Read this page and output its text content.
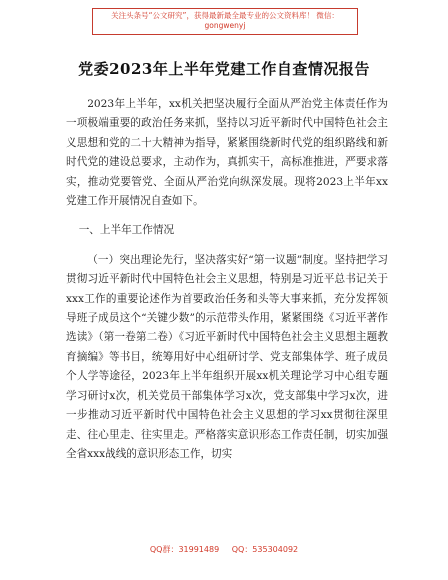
关注头条号“公文研究”，获得最新最全最专业的公文资料库！ 微信：gongwenyj
党委2023年上半年党建工作自查情况报告

2023年上半年，xx机关把坚决履行全面从严治党主体责任作为一项极端重要的政治任务来抓，坚持以习近平新时代中国特色社会主义思想和党的二十大精神为指导，紧紧围绕新时代党的组织路线和新时代党的建设总要求，主动作为，真抓实干，高标准推进，严要求落实，推动党要管党、全面从严治党向纵深发展。现将2023上半年xx党建工作开展情况自查如下。

一、上半年工作情况

（一）突出理论先行，坚决落实好“第一议题”制度。坚持把学习贯彻习近平新时代中国特色社会主义思想，特别是习近平总书记关于xxx工作的重要论述作为首要政治任务和头等大事来抓，充分发挥领导班子成员这个“关键少数”的示范带头作用，紧紧围绕《习近平著作选读》（第一卷第二卷）《习近平新时代中国特色社会主义思想主题教育摘编》等书目，统筹用好中心组研讨学、党支部集体学、班子成员个人学等途径，2023年上半年组织开展xx机关理论学习中心组专题学习研讨x次，机关党员干部集体学习x次，党支部集中学习x次，进一步推动习近平新时代中国特色社会主义思想的学习xx贯彻往深里走、往心里走、往实里走。严格落实意识形态工作责任制，切实加强全省xxx战线的意识形态工作，切实

QQ群：31991489 QQ：535304092
